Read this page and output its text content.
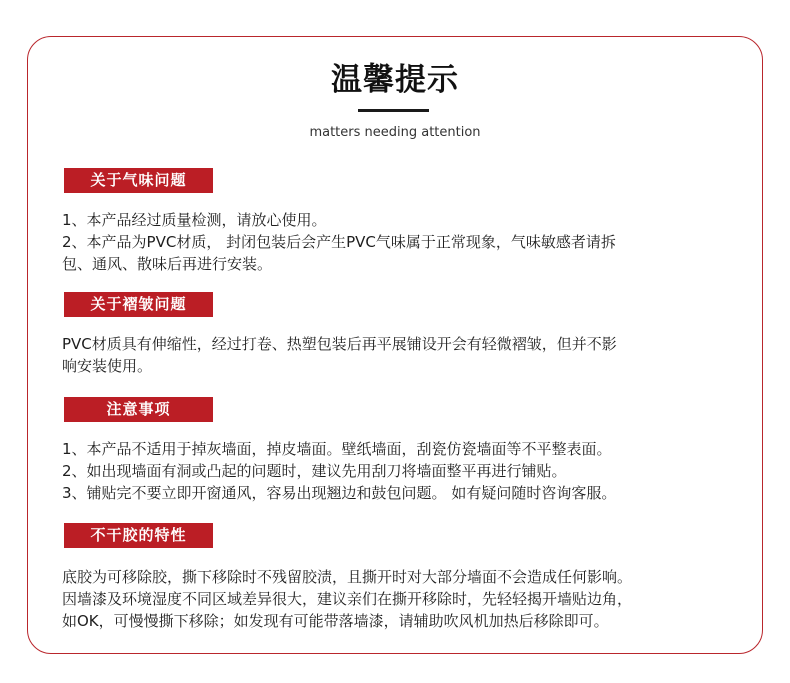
温馨提示
matters needing attention
关于气味问题

1、本产品经过质量检测，请放心使用。

2、本产品为PVC材质， 封闭包装后会产生PVC气味属于正常现象，气味敏感者请拆

包、通风、散味后再进行安装。

关于褶皱问题

PVC材质具有伸缩性，经过打卷、热塑包装后再平展铺设开会有轻微褶皱，但并不影

响安装使用。

注意事项

1、本产品不适用于掉灰墙面，掉皮墙面。壁纸墙面，刮瓷仿瓷墙面等不平整表面。

2、如出现墙面有洞或凸起的问题时，建议先用刮刀将墙面整平再进行铺贴。

3、铺贴完不要立即开窗通风，容易出现翘边和鼓包问题。 如有疑问随时咨询客服。

不干胶的特性

底胶为可移除胶，撕下移除时不残留胶渍，且撕开时对大部分墙面不会造成任何影响。

因墙漆及环境湿度不同区域差异很大，建议亲们在撕开移除时，先轻轻揭开墙贴边角，

如OK，可慢慢撕下移除；如发现有可能带落墙漆，请辅助吹风机加热后移除即可。
